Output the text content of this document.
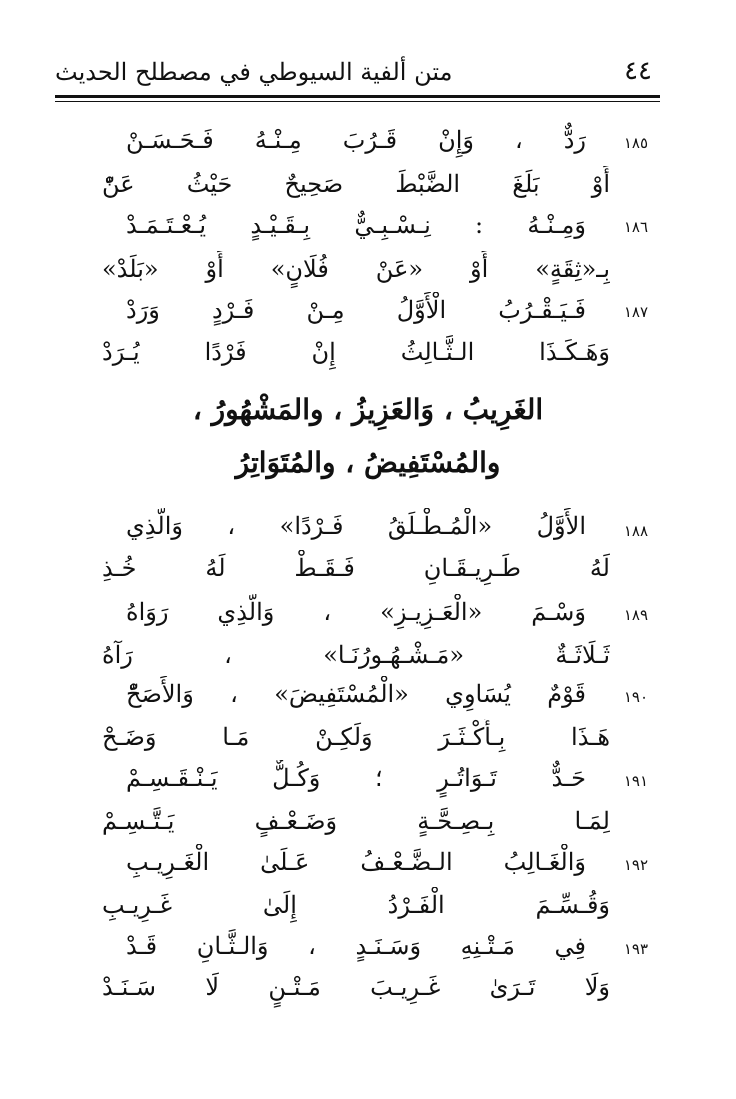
متن ألفية السيوطي في مصطلح الحديث	٤٤
١٨٥
رَدٌّ ، وَإِنْ قَـرُبَ مِـنْـهُ فَـحَـسَـنْ
أَوْ بَلَغَ الضَّبْطَ صَحِيحٌ حَيْثُ عَنّْ
١٨٦
وَمِـنْـهُ : نِـسْـبِـيٌّ بِـقَـيْـدٍ يُـعْـتَـمَـدْ
بِـ«ثِقَةٍ» أَوْ «عَنْ فُلَانٍ» أَوْ «بَلَدْ»
١٨٧
فَـيَـقْـرُبُ الْأَوَّلُ مِـنْ فَـرْدٍ وَرَدْ
وَهَـكَـذَا الـثَّـالِثُ إِنْ فَرْدًا يُـرَدْ
الغَرِيبُ ، وَالعَزِيزُ ، والمَشْهُورُ ،
والمُسْتَفِيضُ ، والمُتَوَاتِرُ
١٨٨
الأَوَّلُ «الْمُـطْـلَقُ فَـرْدًا» ، وَالَّذِي
لَهُ طَـرِيـقَـانِ فَـقَـطْ لَهُ خُـذِ
١٨٩
وَسْـمَ «الْعَـزِيـزِ» ، وَالَّذِي رَوَاهُ
ثَـلَاثَـةٌ «مَـشْـهُـورُنَـا» ، رَآهُ
١٩٠
قَوْمٌ يُسَاوِي «الْمُسْتَفِيضَ» ، وَالأَصَحّْ
هَـذَا بِـأَكْـثَـرَ وَلَكِـنْ مَـا وَضَـحْ
١٩١
حَـدٌّ تَـوَاتُـرٍ ؛ وَكُـلٌّ يَـنْـقَـسِـمْ
لِمَـا بِـصِـحَّـةٍ وَضَـعْـفٍ يَـتَّـسِـمْ
١٩٢
وَالْغَـالِبُ الـضَّـعْـفُ عَـلَىٰ الْغَـرِيـبِ
وَقُـسِّـمَ الْفَـرْدُ إِلَىٰ غَـرِيـبِ
١٩٣
فِي مَـتْـنِهِ وَسَـنَـدٍ ، وَالـثَّـانِ قَـدْ
وَلَا تَـرَىٰ غَـرِيـبَ مَـتْـنٍ لَا سَـنَـدْ
